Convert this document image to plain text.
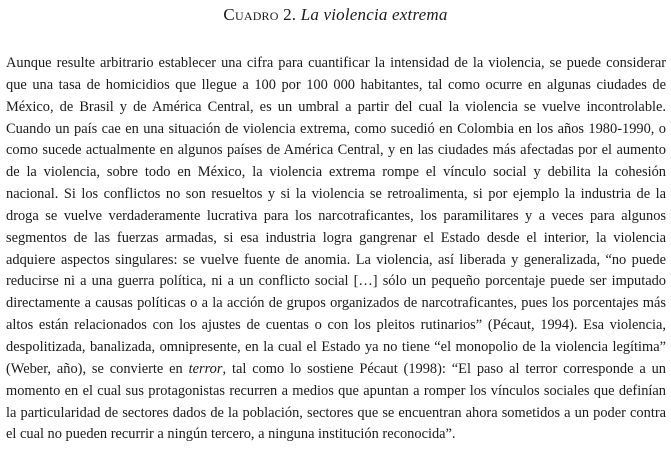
Cuadro 2. La violencia extrema

Aunque resulte arbitrario establecer una cifra para cuantificar la intensidad de la violencia, se puede considerar que una tasa de homicidios que llegue a 100 por 100 000 habitantes, tal como ocurre en algunas ciudades de México, de Brasil y de América Central, es un umbral a partir del cual la violencia se vuelve incontrolable. Cuando un país cae en una situación de violencia extrema, como sucedió en Colombia en los años 1980-1990, o como sucede actualmente en algunos países de América Central, y en las ciudades más afectadas por el aumento de la violencia, sobre todo en México, la violencia extrema rompe el vínculo social y debilita la cohesión nacional. Si los conflictos no son resueltos y si la violencia se retroalimenta, si por ejemplo la industria de la droga se vuelve verdaderamente lucrativa para los narcotraficantes, los paramilitares y a veces para algunos segmentos de las fuerzas armadas, si esa industria logra gangrenar el Estado desde el interior, la violencia adquiere aspectos singulares: se vuelve fuente de anomia. La violencia, así liberada y generalizada, “no puede reducirse ni a una guerra política, ni a un conflicto social […] sólo un pequeño porcentaje puede ser imputado directamente a causas políticas o a la acción de grupos organizados de narcotraficantes, pues los porcentajes más altos están relacionados con los ajustes de cuentas o con los pleitos rutinarios” (Pécaut, 1994). Esa violencia, despolitizada, banalizada, omnipresente, en la cual el Estado ya no tiene “el monopolio de la violencia legítima” (Weber, año), se convierte en terror, tal como lo sostiene Pécaut (1998): “El paso al terror corresponde a un momento en el cual sus protagonistas recurren a medios que apuntan a romper los vínculos sociales que definían la particularidad de sectores dados de la población, sectores que se encuentran ahora sometidos a un poder contra el cual no pueden recurrir a ningún tercero, a ninguna institución reconocida”.
